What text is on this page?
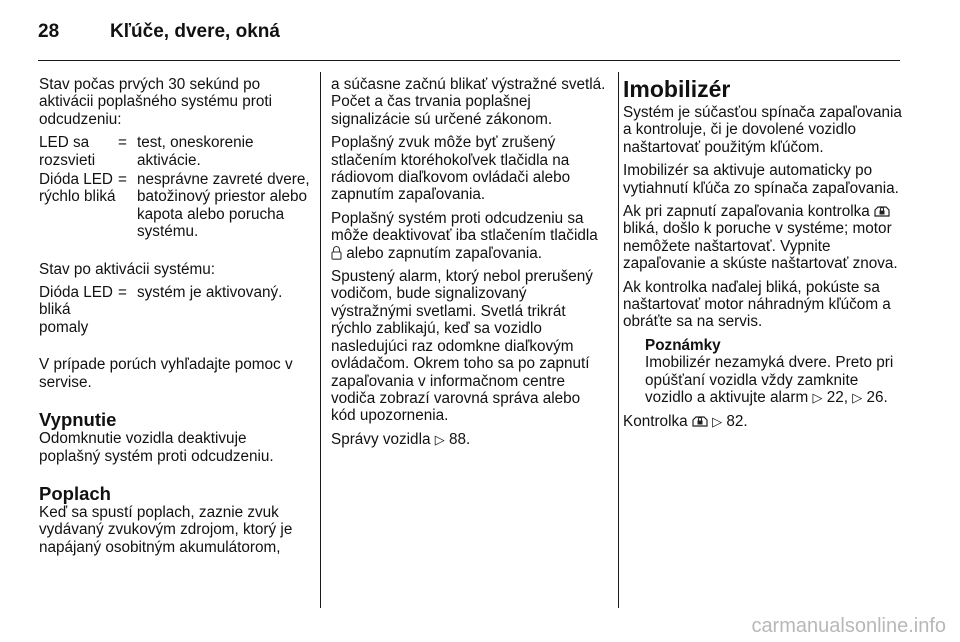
28	Kľúče, dvere, okná

Stav počas prvých 30 sekúnd po aktivácii poplašného systému proti odcudzeniu:

LED sa rozsvieti	=	test, oneskorenie aktivácie.
Dióda LED rýchlo bliká	=	nesprávne zavreté dvere, batožinový priestor alebo kapota alebo porucha systému.

Stav po aktivácii systému:

Dióda LED bliká pomaly	=	systém je aktivovaný.

V prípade porúch vyhľadajte pomoc v servise.

Vypnutie

Odomknutie vozidla deaktivuje poplašný systém proti odcudzeniu.

Poplach

Keď sa spustí poplach, zaznie zvuk vydávaný zvukovým zdrojom, ktorý je napájaný osobitným akumulátorom,

a súčasne začnú blikať výstražné svetlá. Počet a čas trvania poplašnej signalizácie sú určené zákonom.

Poplašný zvuk môže byť zrušený stlačením ktoréhokoľvek tlačidla na rádiovom diaľkovom ovládači alebo zapnutím zapaľovania.

Poplašný systém proti odcudzeniu sa môže deaktivovať iba stlačením tlačidla  alebo zapnutím zapaľovania.

Spustený alarm, ktorý nebol prerušený vodičom, bude signalizovaný výstražnými svetlami. Svetlá trikrát rýchlo zablikajú, keď sa vozidlo nasledujúci raz odomkne diaľkovým ovládačom. Okrem toho sa po zapnutí zapaľovania v informačnom centre vodiča zobrazí varovná správa alebo kód upozornenia.

Správy vozidla ▷ 88.

Imobilizér

Systém je súčasťou spínača zapaľovania a kontroluje, či je dovolené vozidlo naštartovať použitým kľúčom.

Imobilizér sa aktivuje automaticky po vytiahnutí kľúča zo spínača zapaľovania.

Ak pri zapnutí zapaľovania kontrolka  bliká, došlo k poruche v systéme; motor nemôžete naštartovať. Vypnite zapaľovanie a skúste naštartovať znova.

Ak kontrolka naďalej bliká, pokúste sa naštartovať motor náhradným kľúčom a obráťte sa na servis.

Poznámky

Imobilizér nezamyká dvere. Preto pri opúšťaní vozidla vždy zamknite vozidlo a aktivujte alarm ▷ 22, ▷ 26.

Kontrolka ▷ 82.

carmanualsonline.info
